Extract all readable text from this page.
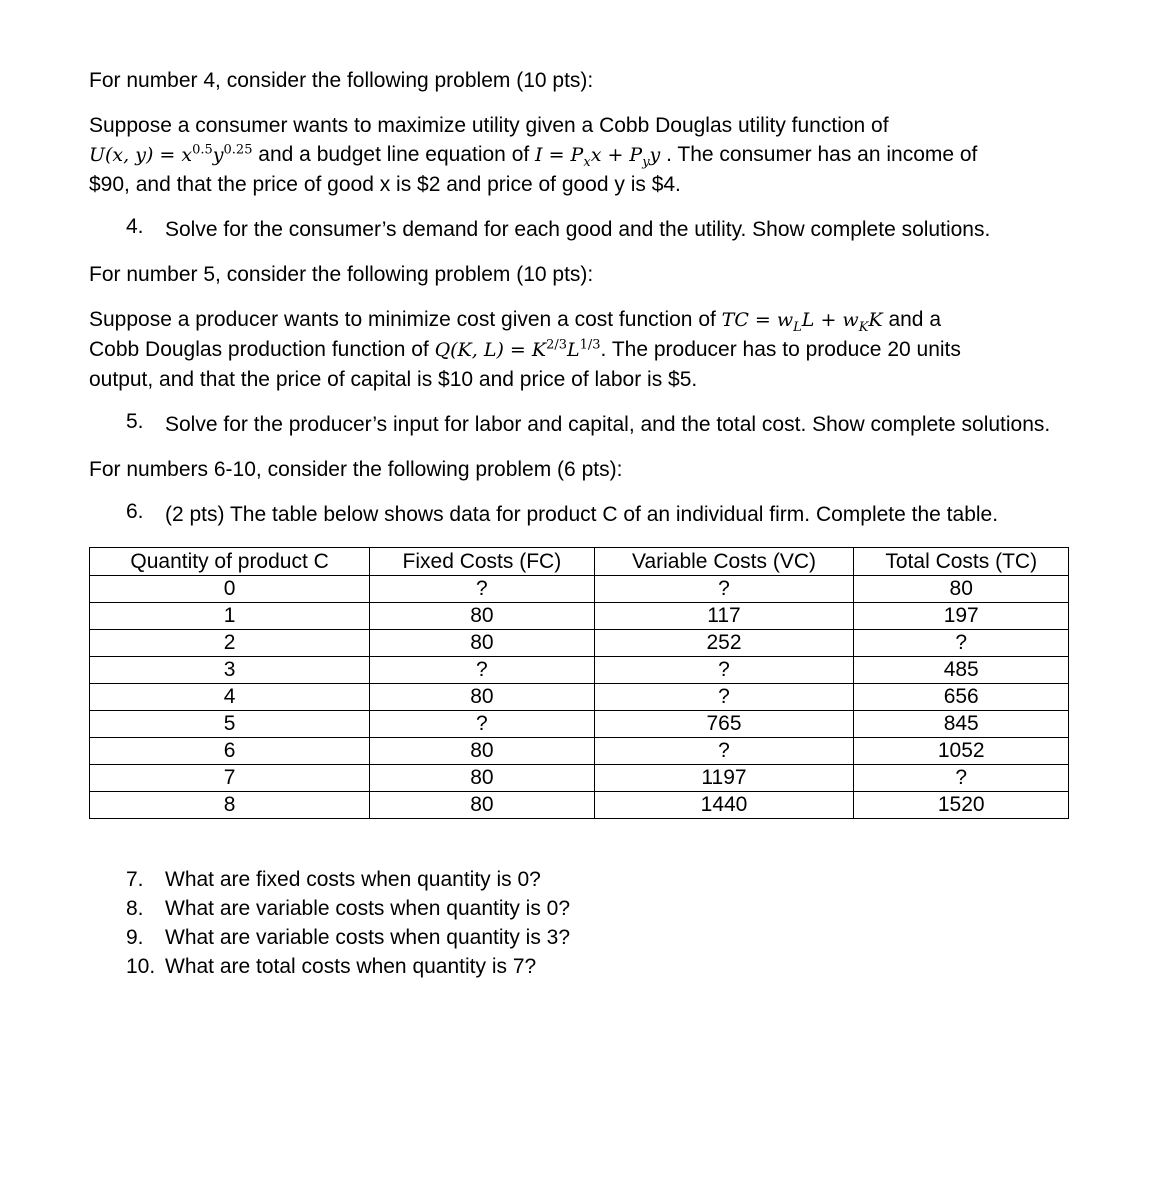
For number 4, consider the following problem (10 pts):

Suppose a consumer wants to maximize utility given a Cobb Douglas utility function of

U(x, $y) = x^{0.5}y^{0.25}$ and a budget line equation of $I = P_xx + P_yy$ . The consumer has an income of

$90, and that the price of good x is $2 and price of good y is $4.

4. Solve for the consumer’s demand for each good and the utility. Show complete solutions.

For number 5, consider the following problem (10 pts):

Suppose a producer wants to minimize cost given a cost function of TC = $w_LL + w_KK$ and a

Cobb Douglas production function of Q(K, $L) = K^{2/3}L^{1/3}$. The producer has to produce 20 units

output, and that the price of capital is $10 and price of labor is $5.

5. Solve for the producer’s input for labor and capital, and the total cost. Show complete solutions.

For numbers 6-10, consider the following problem (6 pts):

6. (2 pts) The table below shows data for product C of an individual firm. Complete the table.

Quantity of product C	Fixed Costs (FC)	Variable Costs (VC)	Total Costs (TC)
0	?	?	80
1	80	117	197
2	80	252	?
3	?	?	485
4	80	?	656
5	?	765	845
6	80	?	1052
7	80	1197	?
8	80	1440	1520
7.	What are fixed costs when quantity is 0?
8.	What are variable costs when quantity is 0?
9.	What are variable costs when quantity is 3?
10. What are total costs when quantity is 7?
